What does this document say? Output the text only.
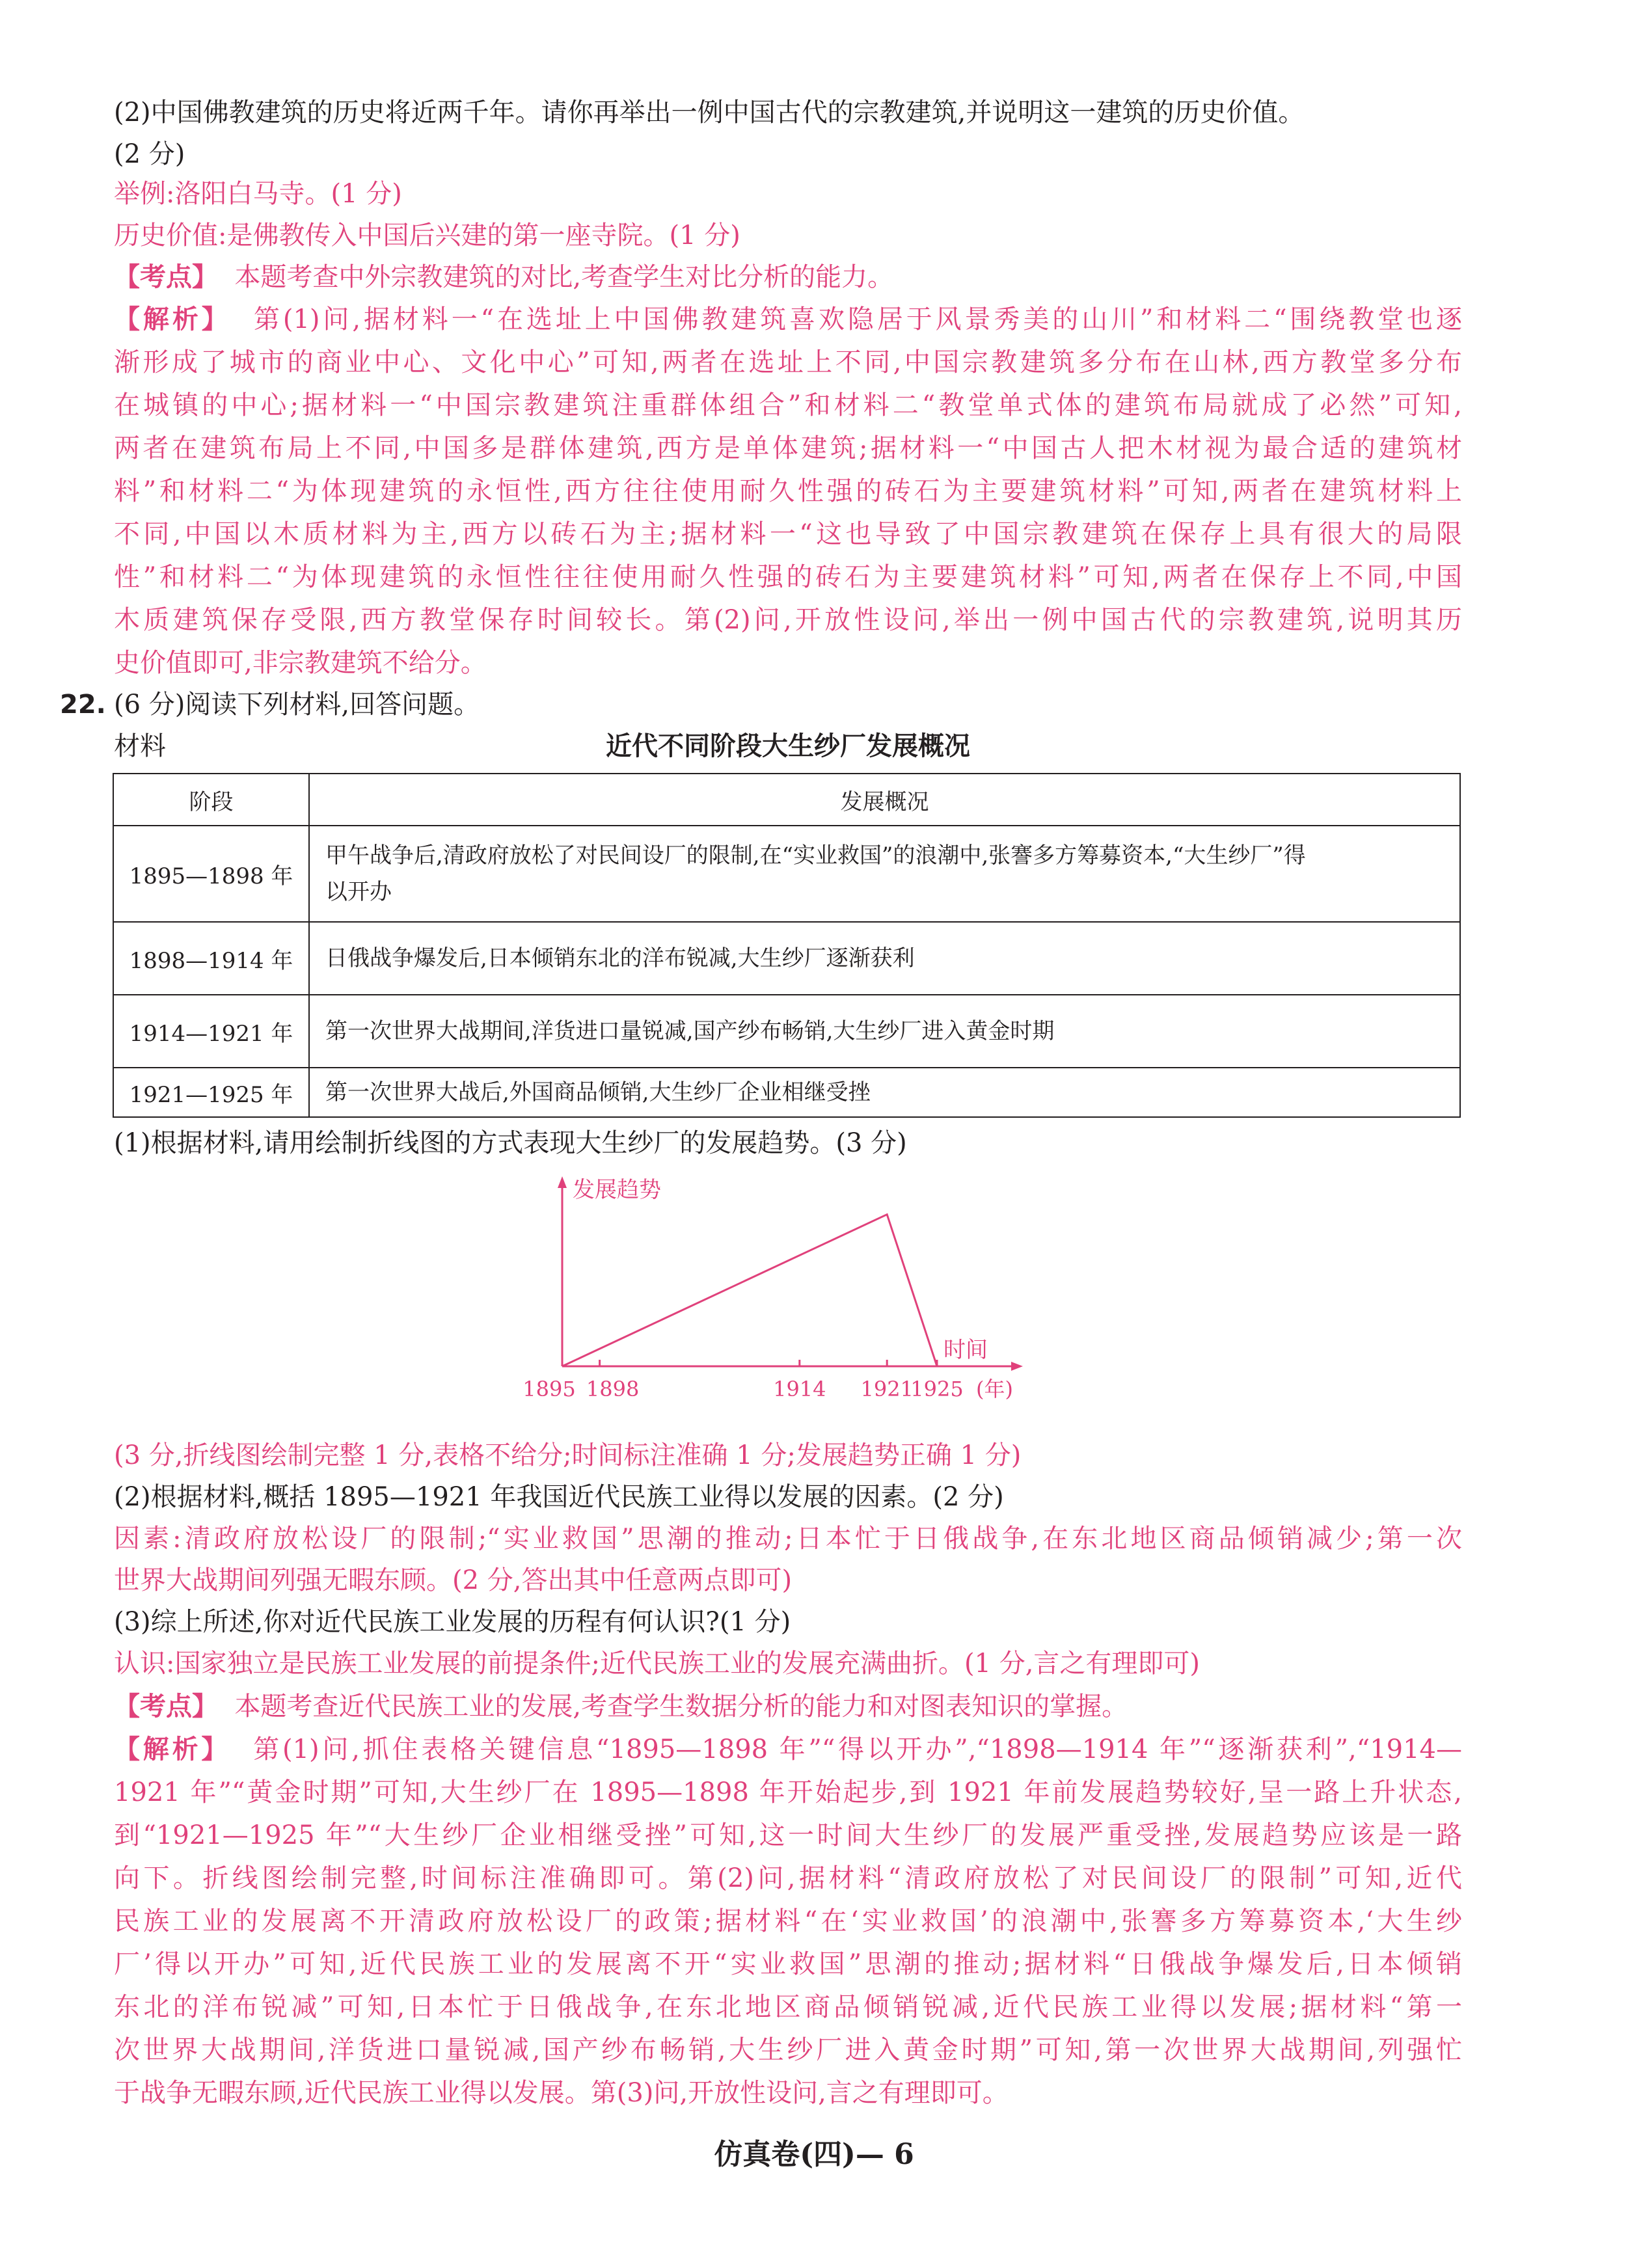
(2)中国佛教建筑的历史将近两千年。请你再举出一例中国古代的宗教建筑,并说明这一建筑的历史价值。
(2 分)
举例:洛阳白马寺。(1 分)
历史价值:是佛教传入中国后兴建的第一座寺院。(1 分)
【考点】 本题考查中外宗教建筑的对比,考查学生对比分析的能力。
【解析】 第(1)问,据材料一“在选址上中国佛教建筑喜欢隐居于风景秀美的山川”和材料二“围绕教堂也逐
渐形成了城市的商业中心、文化中心”可知,两者在选址上不同,中国宗教建筑多分布在山林,西方教堂多分布
在城镇的中心;据材料一“中国宗教建筑注重群体组合”和材料二“教堂单式体的建筑布局就成了必然”可知,
两者在建筑布局上不同,中国多是群体建筑,西方是单体建筑;据材料一“中国古人把木材视为最合适的建筑材
料”和材料二“为体现建筑的永恒性,西方往往使用耐久性强的砖石为主要建筑材料”可知,两者在建筑材料上
不同,中国以木质材料为主,西方以砖石为主;据材料一“这也导致了中国宗教建筑在保存上具有很大的局限
性”和材料二“为体现建筑的永恒性往往使用耐久性强的砖石为主要建筑材料”可知,两者在保存上不同,中国
木质建筑保存受限,西方教堂保存时间较长。第(2)问,开放性设问,举出一例中国古代的宗教建筑,说明其历
史价值即可,非宗教建筑不给分。
22. (6 分)阅读下列材料,回答问题。
材料	近代不同阶段大生纱厂发展概况
阶段	发展概况
1895—1898 年	甲午战争后,清政府放松了对民间设厂的限制,在“实业救国”的浪潮中,张謇多方筹募资本,“大生纱厂”得
以开办

1898—1914 年	日俄战争爆发后,日本倾销东北的洋布锐减,大生纱厂逐渐获利
1914—1921 年	第一次世界大战期间,洋货进口量锐减,国产纱布畅销,大生纱厂进入黄金时期
1921—1925 年	第一次世界大战后,外国商品倾销,大生纱厂企业相继受挫
(1)根据材料,请用绘制折线图的方式表现大生纱厂的发展趋势。(3 分)
发展趋势
时间
(年)
1895 1898	1914 1921
1925
(3 分,折线图绘制完整 1 分,表格不给分;时间标注准确 1 分;发展趋势正确 1 分)
(2)根据材料,概括 1895—1921 年我国近代民族工业得以发展的因素。(2 分)
因素:清政府放松设厂的限制;“实业救国”思潮的推动;日本忙于日俄战争,在东北地区商品倾销减少;第一次
世界大战期间列强无暇东顾。(2 分,答出其中任意两点即可)
(3)综上所述,你对近代民族工业发展的历程有何认识?(1 分)
认识:国家独立是民族工业发展的前提条件;近代民族工业的发展充满曲折。(1 分,言之有理即可)
【考点】 本题考查近代民族工业的发展,考查学生数据分析的能力和对图表知识的掌握。
【解析】 第(1)问,抓住表格关键信息“1895—1898 年”“得以开办”,“1898—1914 年”“逐渐获利”,“1914—
1921 年”“黄金时期”可知,大生纱厂在 1895—1898 年开始起步,到 1921 年前发展趋势较好,呈一路上升状态,
到“1921—1925 年”“大生纱厂企业相继受挫”可知,这一时间大生纱厂的发展严重受挫,发展趋势应该是一路
向下。折线图绘制完整,时间标注准确即可。第(2)问,据材料“清政府放松了对民间设厂的限制”可知,近代
民族工业的发展离不开清政府放松设厂的政策;据材料“在‘实业救国’的浪潮中,张謇多方筹募资本,‘大生纱
厂’得以开办”可知,近代民族工业的发展离不开“实业救国”思潮的推动;据材料“日俄战争爆发后,日本倾销
东北的洋布锐减”可知,日本忙于日俄战争,在东北地区商品倾销锐减,近代民族工业得以发展;据材料“第一
次世界大战期间,洋货进口量锐减,国产纱布畅销,大生纱厂进入黄金时期”可知,第一次世界大战期间,列强忙
于战争无暇东顾,近代民族工业得以发展。第(3)问,开放性设问,言之有理即可。
仿真卷(四)— 6
